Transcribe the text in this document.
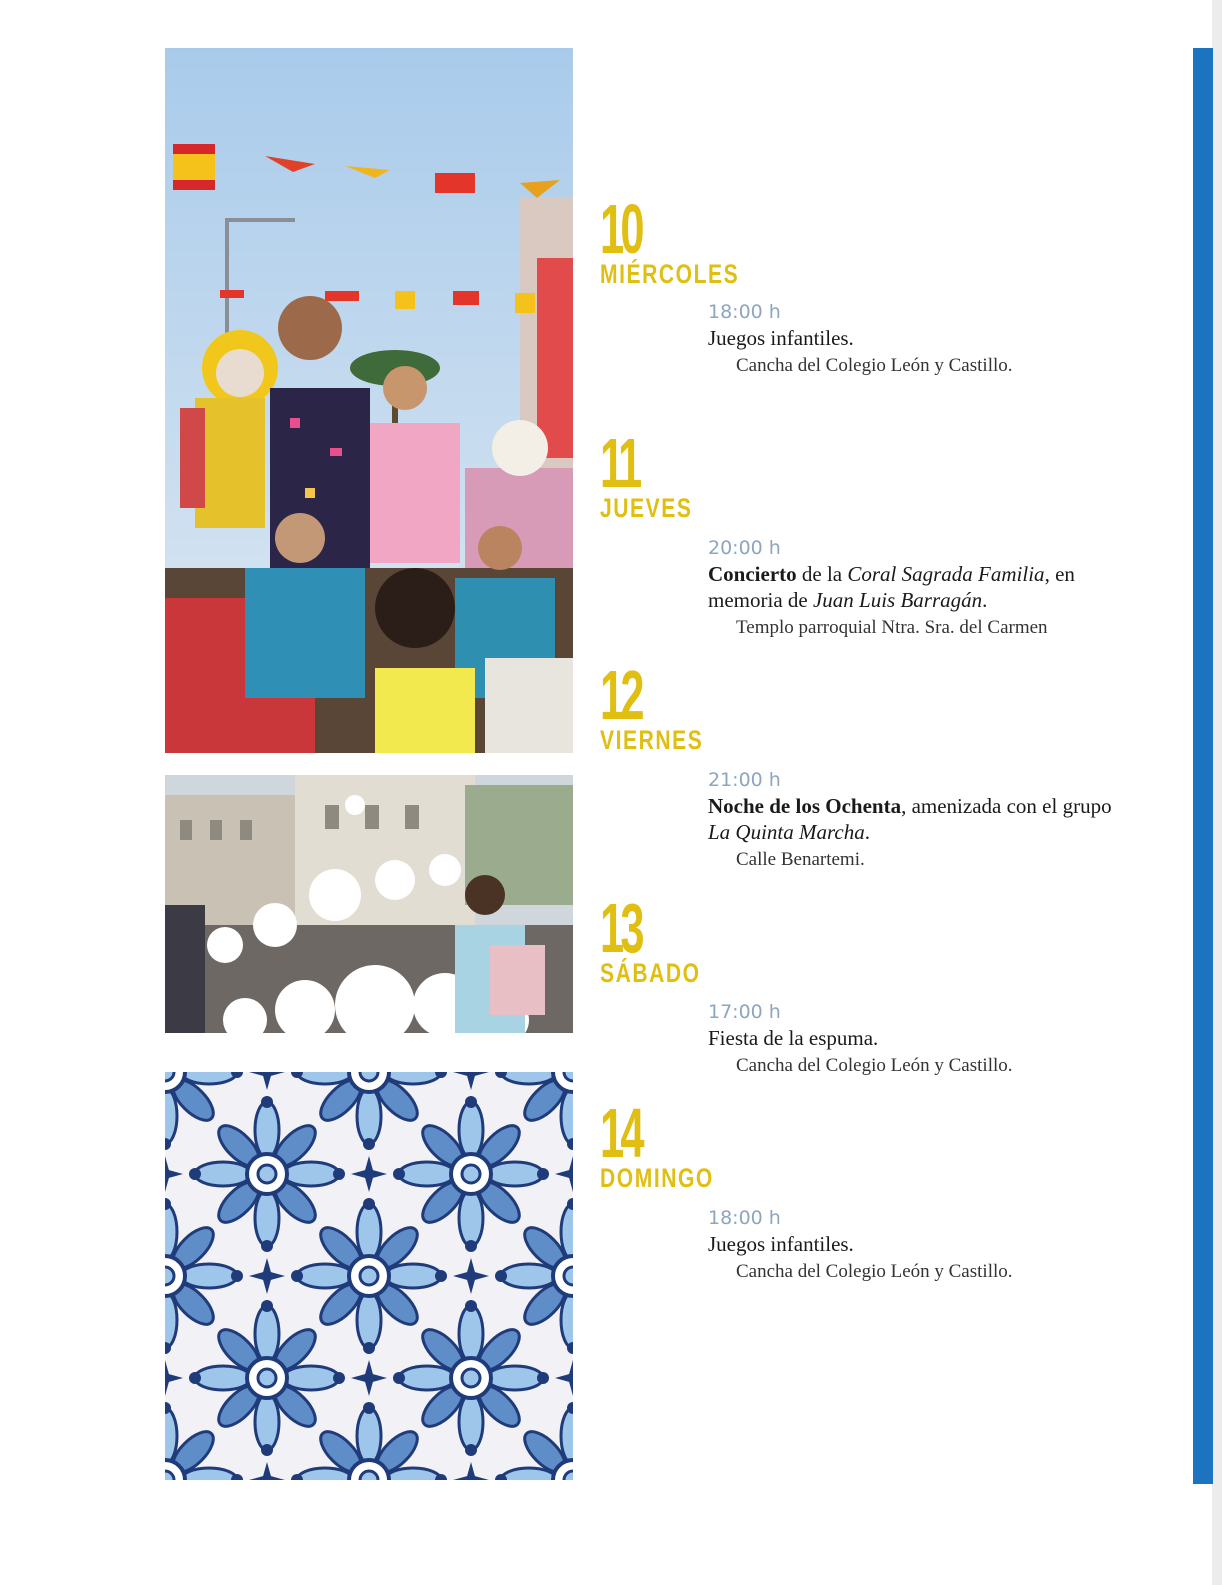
10
MIÉRCOLES
18:00 h
Juegos infantiles.
Cancha del Colegio León y Castillo.
11
JUEVES
20:00 h
Concierto de la Coral Sagrada Familia, en memoria de Juan Luis Barragán.
Templo parroquial Ntra. Sra. del Carmen
12
VIERNES
21:00 h
Noche de los Ochenta, amenizada con el grupo La Quinta Marcha.
Calle Benartemi.
13
SÁBADO
17:00 h
Fiesta de la espuma.
Cancha del Colegio León y Castillo.
14
DOMINGO
18:00 h
Juegos infantiles.
Cancha del Colegio León y Castillo.
